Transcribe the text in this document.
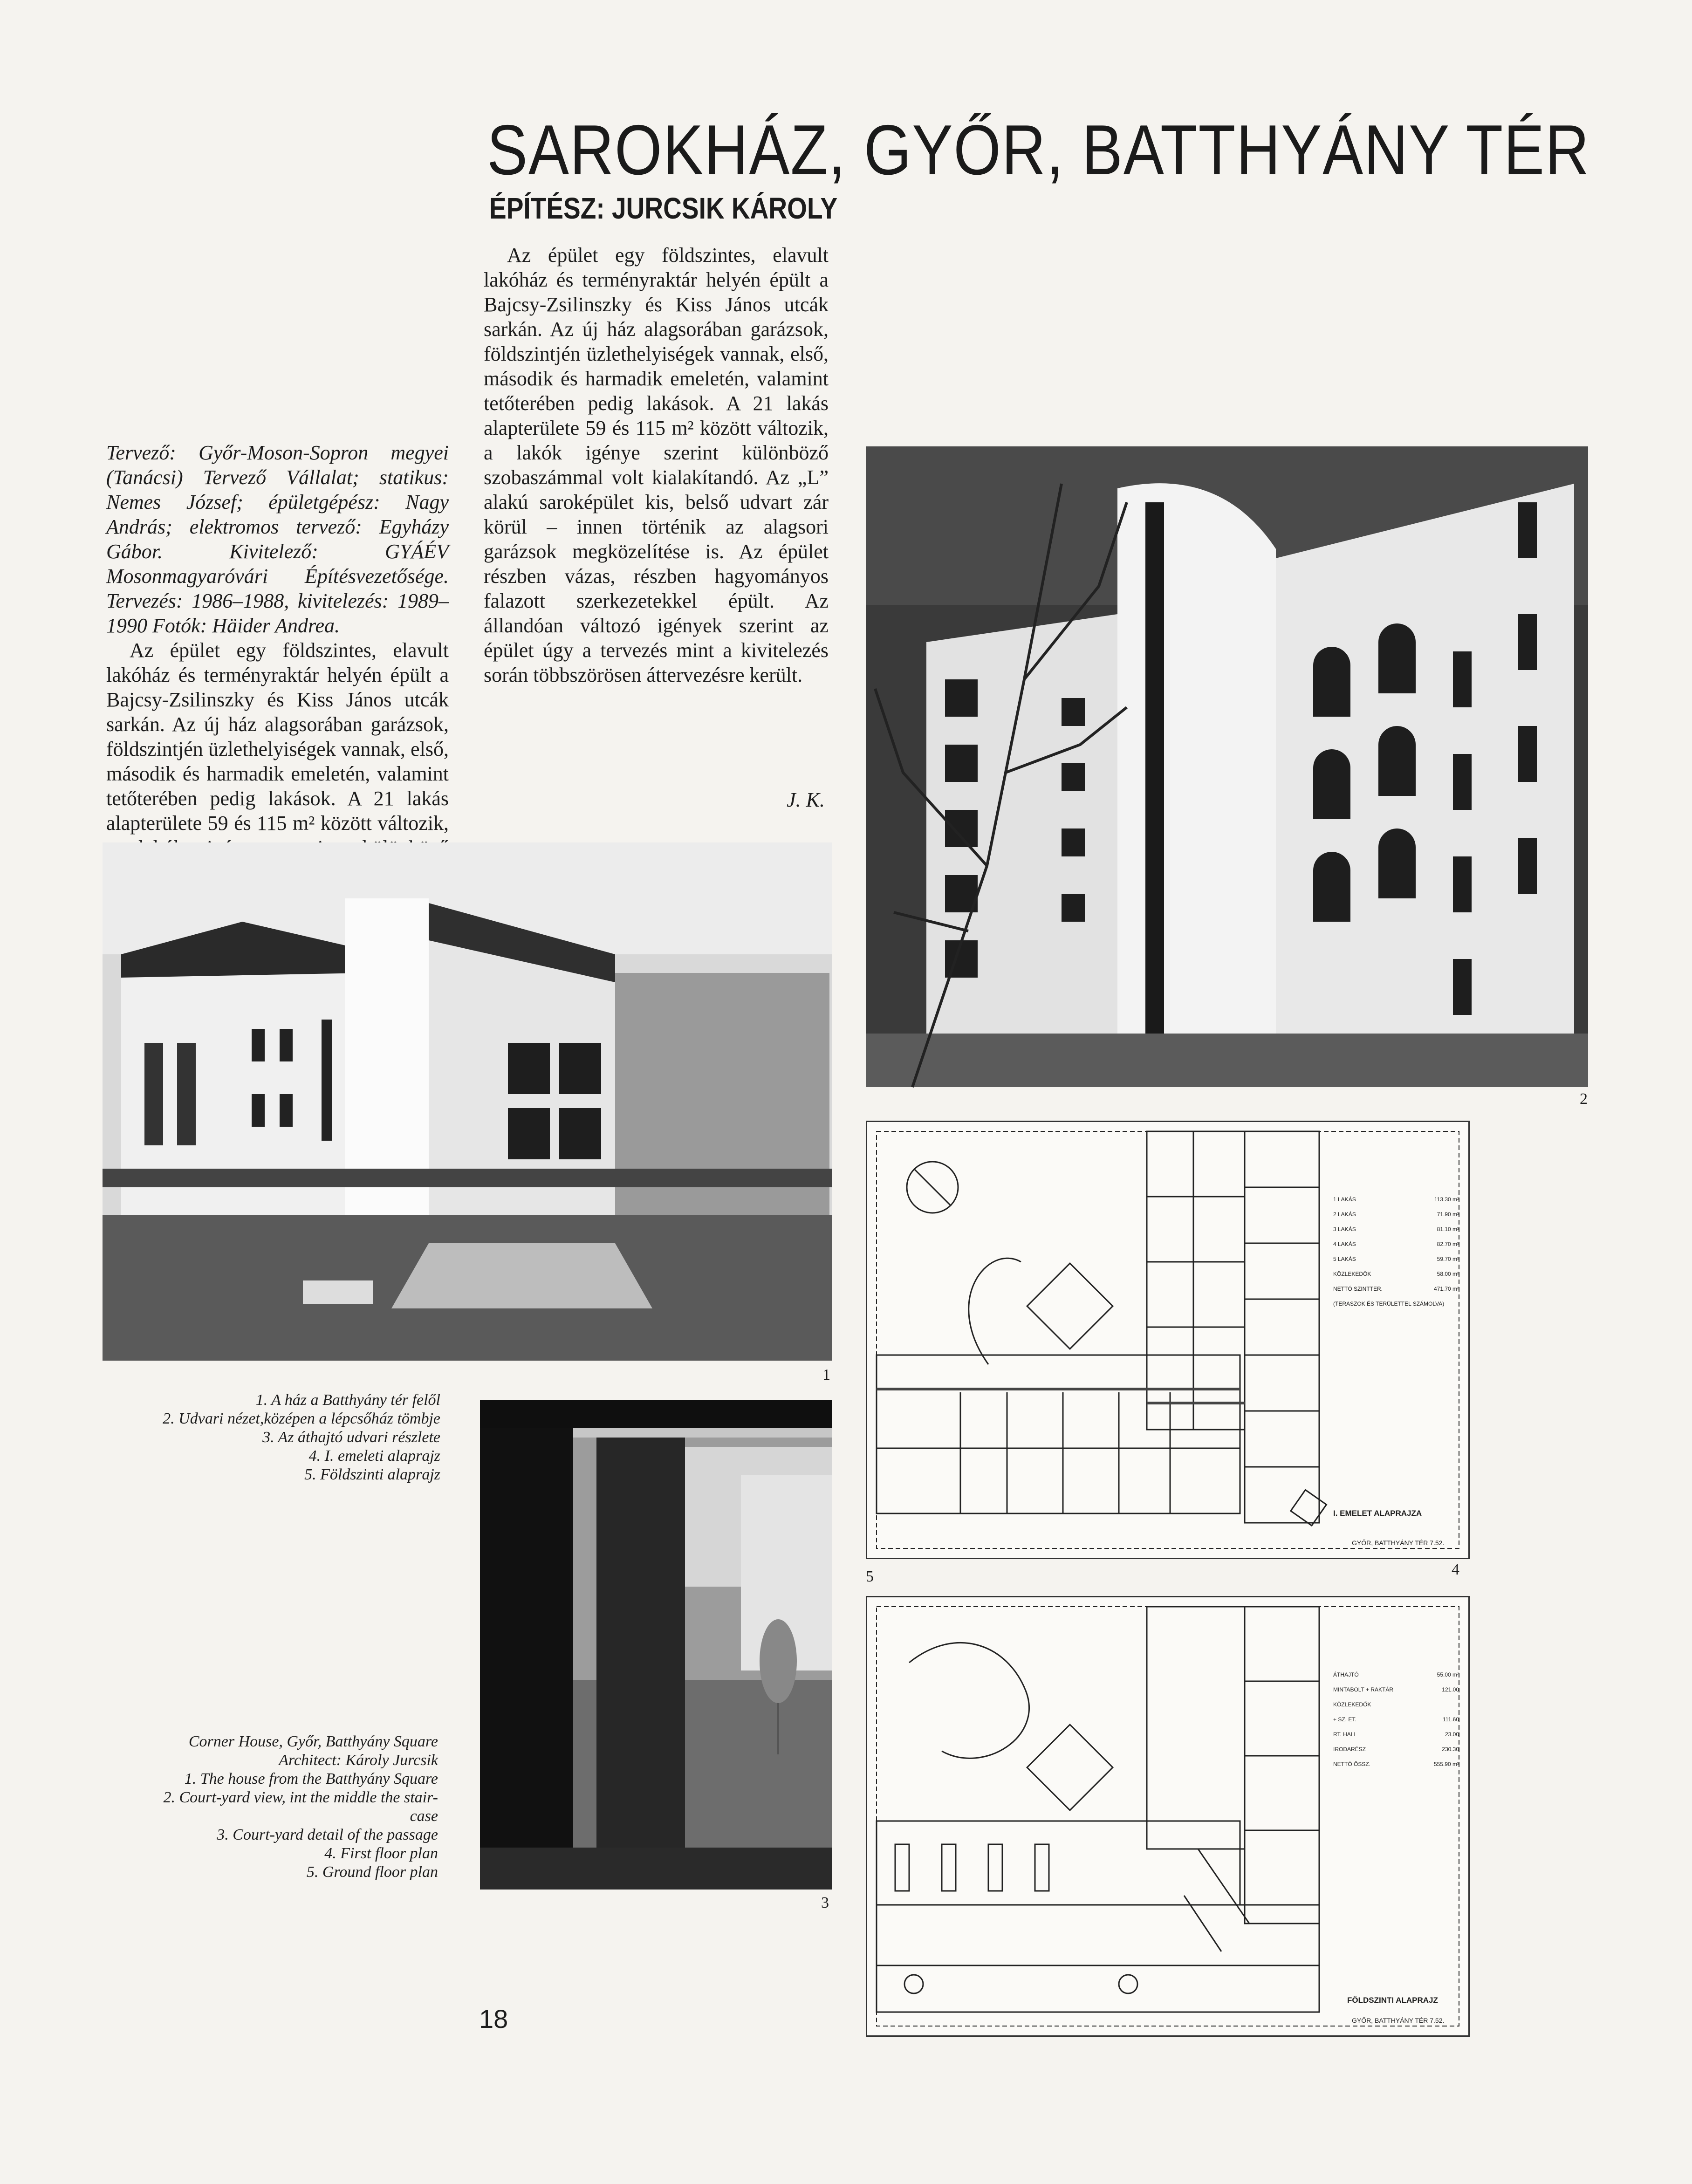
SAROKHÁZ, GYŐR, BATTHYÁNY TÉR
ÉPÍTÉSZ: JURCSIK KÁROLY

Tervező: Győr-Moson-Sopron megyei (Tanácsi) Tervező Vállalat; statikus: Nemes József; épületgépész: Nagy András; elektromos tervező: Egyházy Gábor. Kivitelező: GYÁÉV Mosonmagyaróvári Építésvezetősége. Tervezés: 1986–1988, kivitelezés: 1989–1990 Fotók: Häider Andrea.

Az épület egy földszintes, elavult lakóház és terményraktár helyén épült a Bajcsy-Zsilinszky és Kiss János utcák sarkán. Az új ház alagsorában garázsok, földszintjén üzlethelyiségek vannak, első, második és harmadik emeletén, valamint tetőterében pedig lakások. A 21 lakás alapterülete 59 és 115 m² között változik,

Az épület egy földszintes, elavult lakóház és terményraktár helyén épült a Bajcsy-Zsilinszky és Kiss János utcák sarkán. Az új ház alagsorában garázsok, földszintjén üzlethelyiségek vannak, első, második és harmadik emeletén, valamint tetőterében pedig lakások. A 21 lakás alapterülete 59 és 115 m² között változik, a lakók igénye szerint különböző szobaszámmal volt kialakítandó. Az „L” alakú saroképület kis, belső udvart zár körül – innen történik az alagsori garázsok megközelítése is. Az épület részben vázas, részben hagyományos falazott szerkezetekkel épült. Az állandóan változó igények szerint az épület úgy a tervezés mint a kivitelezés során többszörösen áttervezésre került.

J. K.
1
2
3

1. A ház a Batthyány tér felől

2. Udvari nézet,középen a lépcsőház tömbje

3. Az áthajtó udvari részlete

4. I. emeleti alaprajz

5. Földszinti alaprajz

Corner House, Győr, Batthyány Square

Architect: Károly Jurcsik

1. The house from the Batthyány Square

2. Court-yard view, int the middle the stair-case

3. Court-yard detail of the passage

4. First floor plan

5. Ground floor plan

1 LAKÁS	113.30 m²
2 LAKÁS	71.90 m²
3 LAKÁS	81.10 m²
4 LAKÁS	82.70 m²
5 LAKÁS	59.70 m²
KÖZLEKEDŐK	58.00 m²
NETTÓ SZINTTER.	471.70 m²
(TERASZOK ÉS TERÜLETTEL SZÁMOLVA)
I. EMELET ALAPRAJZA
GYŐR, BATTHYÁNY TÉR 7.52.
4
5
ÁTHAJTÓ	55.00 m²
MINTABOLT + RAKTÁR	121.00
KÖZLEKEDŐK
+ SZ. ET.	111.60
RT. HALL	23.00
IRODARÉSZ	230.30
NETTÓ ÖSSZ.	555.90 m²
FÖLDSZINTI ALAPRAJZ
GYŐR, BATTHYÁNY TÉR 7.52.
18
